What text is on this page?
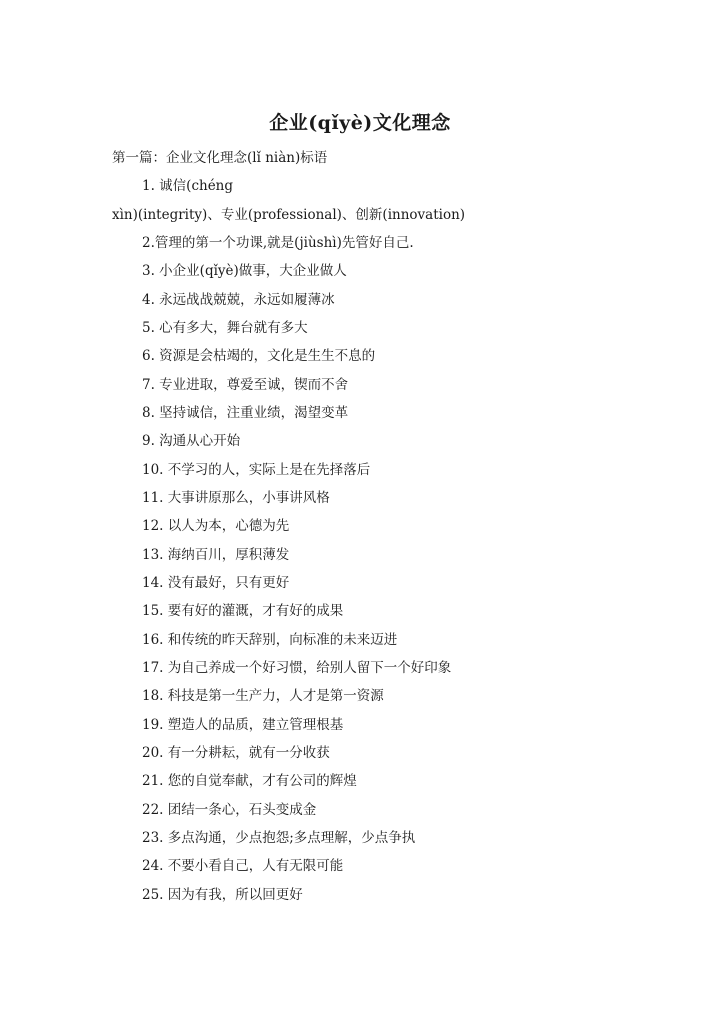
企业(qǐyè)文化理念
第一篇：企业文化理念(lǐ niàn)标语
1. 诚信(chéng
xìn)(integrity)、专业(professional)、创新(innovation)
2.管理的第一个功课,就是(jiùshì)先管好自己.
3. 小企业(qǐyè)做事，大企业做人
4. 永远战战兢兢，永远如履薄冰
5. 心有多大，舞台就有多大
6. 资源是会枯竭的，文化是生生不息的
7. 专业进取，尊爱至诚，锲而不舍
8. 坚持诚信，注重业绩，渴望变革
9. 沟通从心开始
10. 不学习的人，实际上是在先择落后
11. 大事讲原那么，小事讲风格
12. 以人为本，心德为先
13. 海纳百川，厚积薄发
14. 没有最好，只有更好
15. 要有好的灌溉，才有好的成果
16. 和传统的昨天辞别，向标准的未来迈进
17. 为自己养成一个好习惯，给别人留下一个好印象
18. 科技是第一生产力，人才是第一资源
19. 塑造人的品质，建立管理根基
20. 有一分耕耘，就有一分收获
21. 您的自觉奉献，才有公司的辉煌
22. 团结一条心，石头变成金
23. 多点沟通，少点抱怨;多点理解，少点争执
24. 不要小看自己，人有无限可能
25. 因为有我，所以回更好
